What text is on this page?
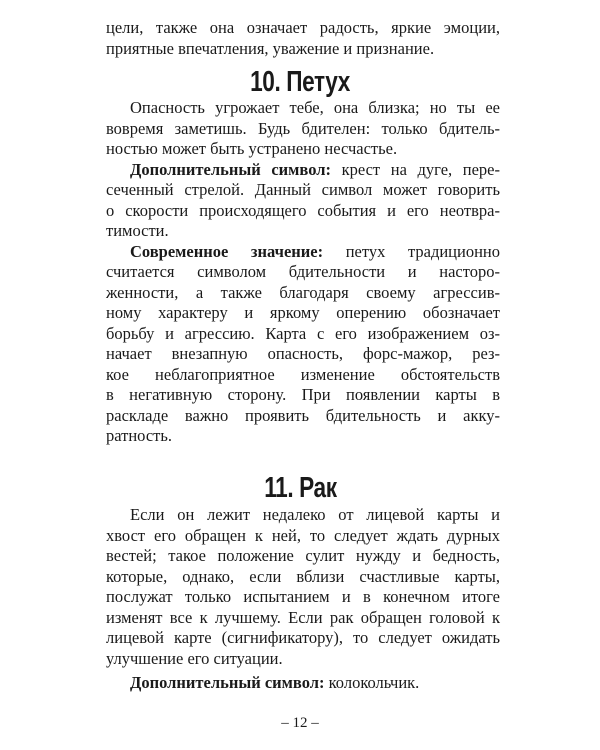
цели, также она означает радость, яркие эмоции,
приятные впечатления, уважение и признание.
10. Петух
Опасность угрожает тебе, она близка; но ты ее
вовремя заметишь. Будь бдителен: только бдитель-
ностью может быть устранено несчастье.
Дополнительный символ: крест на дуге, пере-
сеченный стрелой. Данный символ может говорить
о скорости происходящего события и его неотвра-
тимости.
Современное значение: петух традиционно
считается символом бдительности и насторо-
женности, а также благодаря своему агрессив-
ному характеру и яркому оперению обозначает
борьбу и агрессию. Карта с его изображением оз-
начает внезапную опасность, форс-мажор, рез-
кое неблагоприятное изменение обстоятельств
в негативную сторону. При появлении карты в
раскладе важно проявить бдительность и акку-
ратность.
11. Рак
Если он лежит недалеко от лицевой карты и
хвост его обращен к ней, то следует ждать дурных
вестей; такое положение сулит нужду и бедность,
которые, однако, если вблизи счастливые карты,
послужат только испытанием и в конечном итоге
изменят все к лучшему. Если рак обращен головой к
лицевой карте (сигнификатору), то следует ожидать
улучшение его ситуации.
Дополнительный символ: колокольчик.
– 12 –
